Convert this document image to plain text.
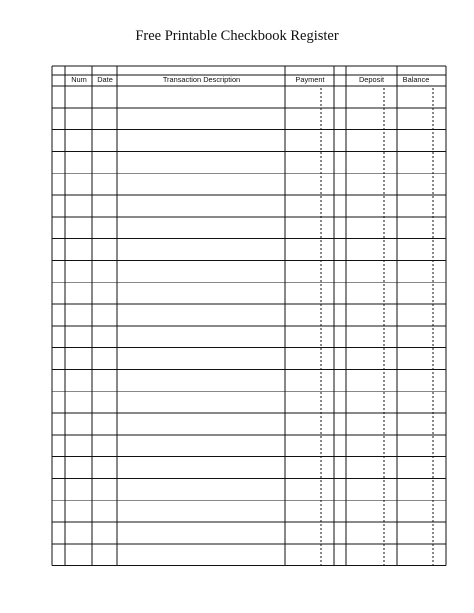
Free Printable Checkbook Register
Num	Date	Transaction Description	Payment	Deposit	Balance
